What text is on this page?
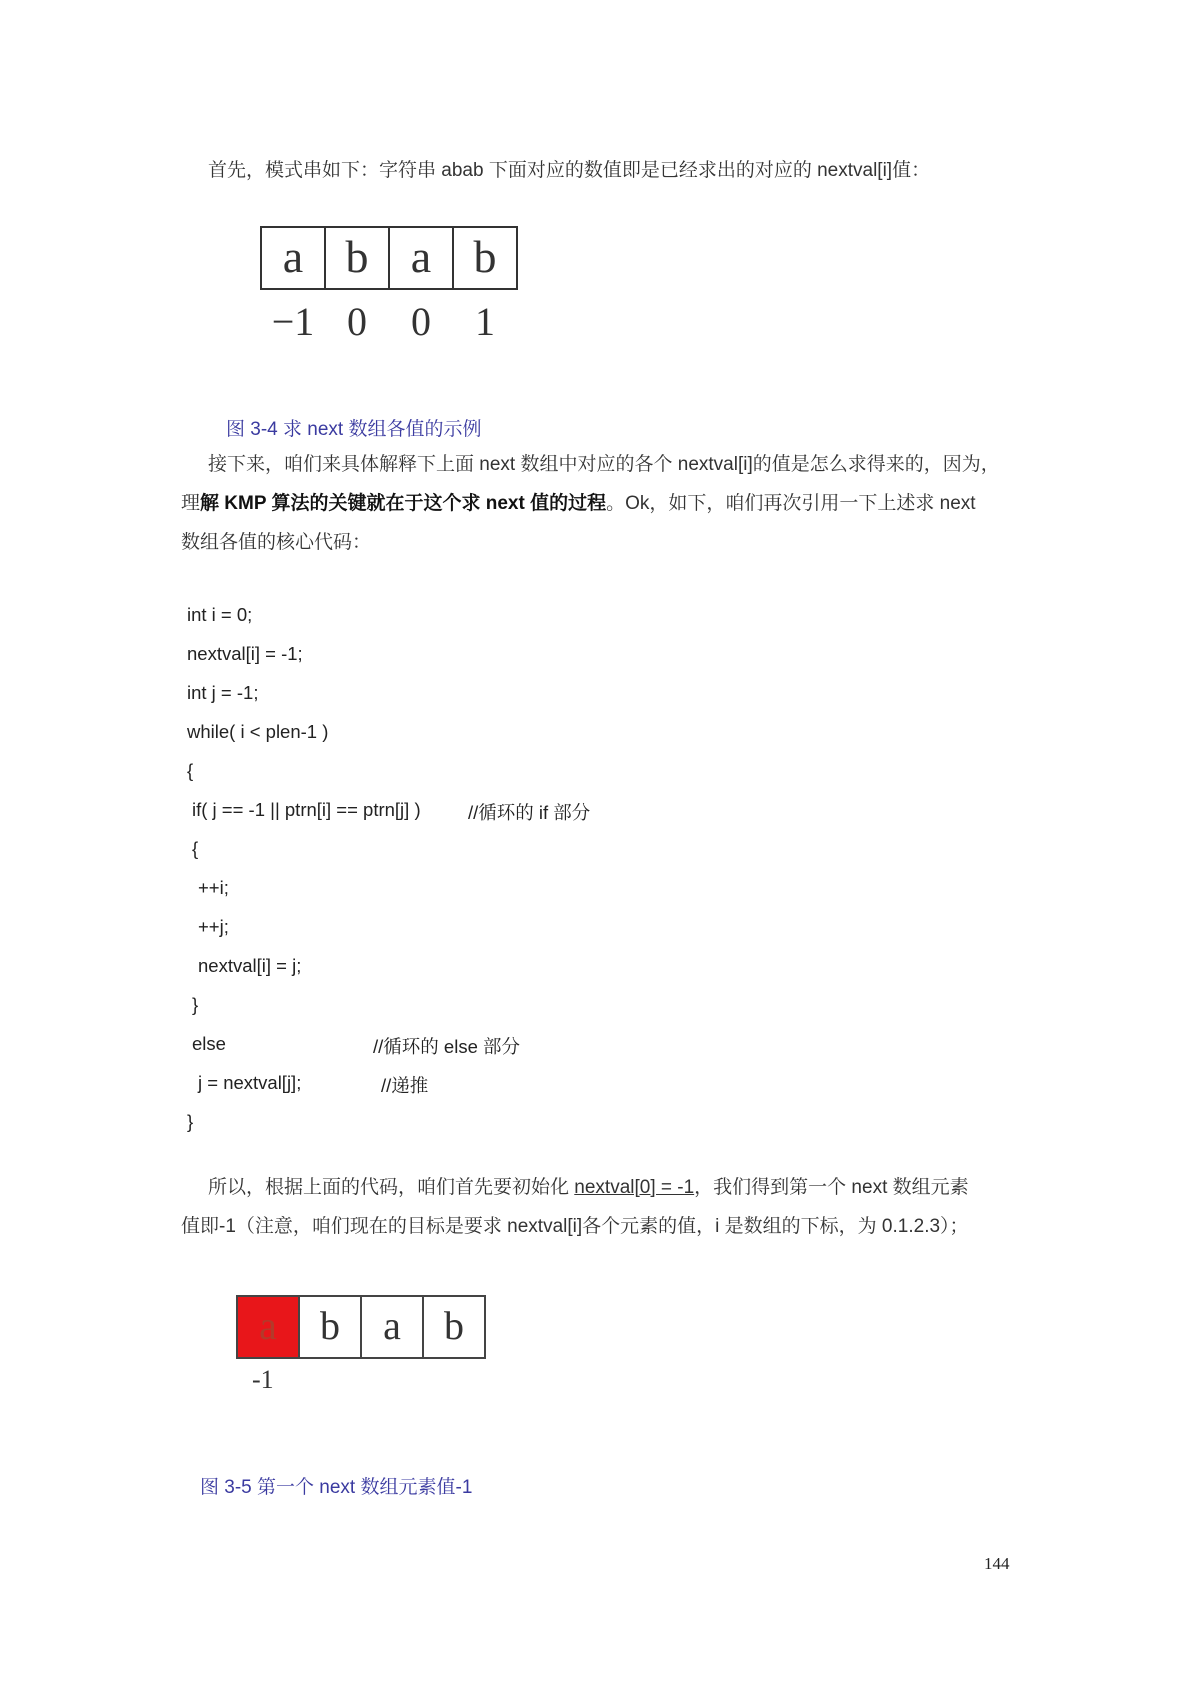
首先，模式串如下：字符串 abab 下面对应的数值即是已经求出的对应的 nextval[i]值：
a b a b
−1 0	0	1
图 3-4 求 next 数组各值的示例
接下来，咱们来具体解释下上面 next 数组中对应的各个 nextval[i]的值是怎么求得来的，因为，
理解 KMP 算法的关键就在于这个求 next 值的过程。Ok，如下，咱们再次引用一下上述求 next
数组各值的核心代码：
int i = 0;
nextval[i] = -1;
int j = -1;
while( i < plen-1 )
{
if( j == -1 || ptrn[i] == ptrn[j] )	//循环的 if 部分
{
++i;
++j;
nextval[i] = j;
}
else	//循环的 else 部分
j = nextval[j];	//递推
}
所以，根据上面的代码，咱们首先要初始化 nextval[0] = -1，我们得到第一个 next 数组元素
值即-1（注意，咱们现在的目标是要求 nextval[i]各个元素的值，i 是数组的下标，为 0.1.2.3）；
a	b	a	b
-1
图 3-5 第一个 next 数组元素值-1
144
